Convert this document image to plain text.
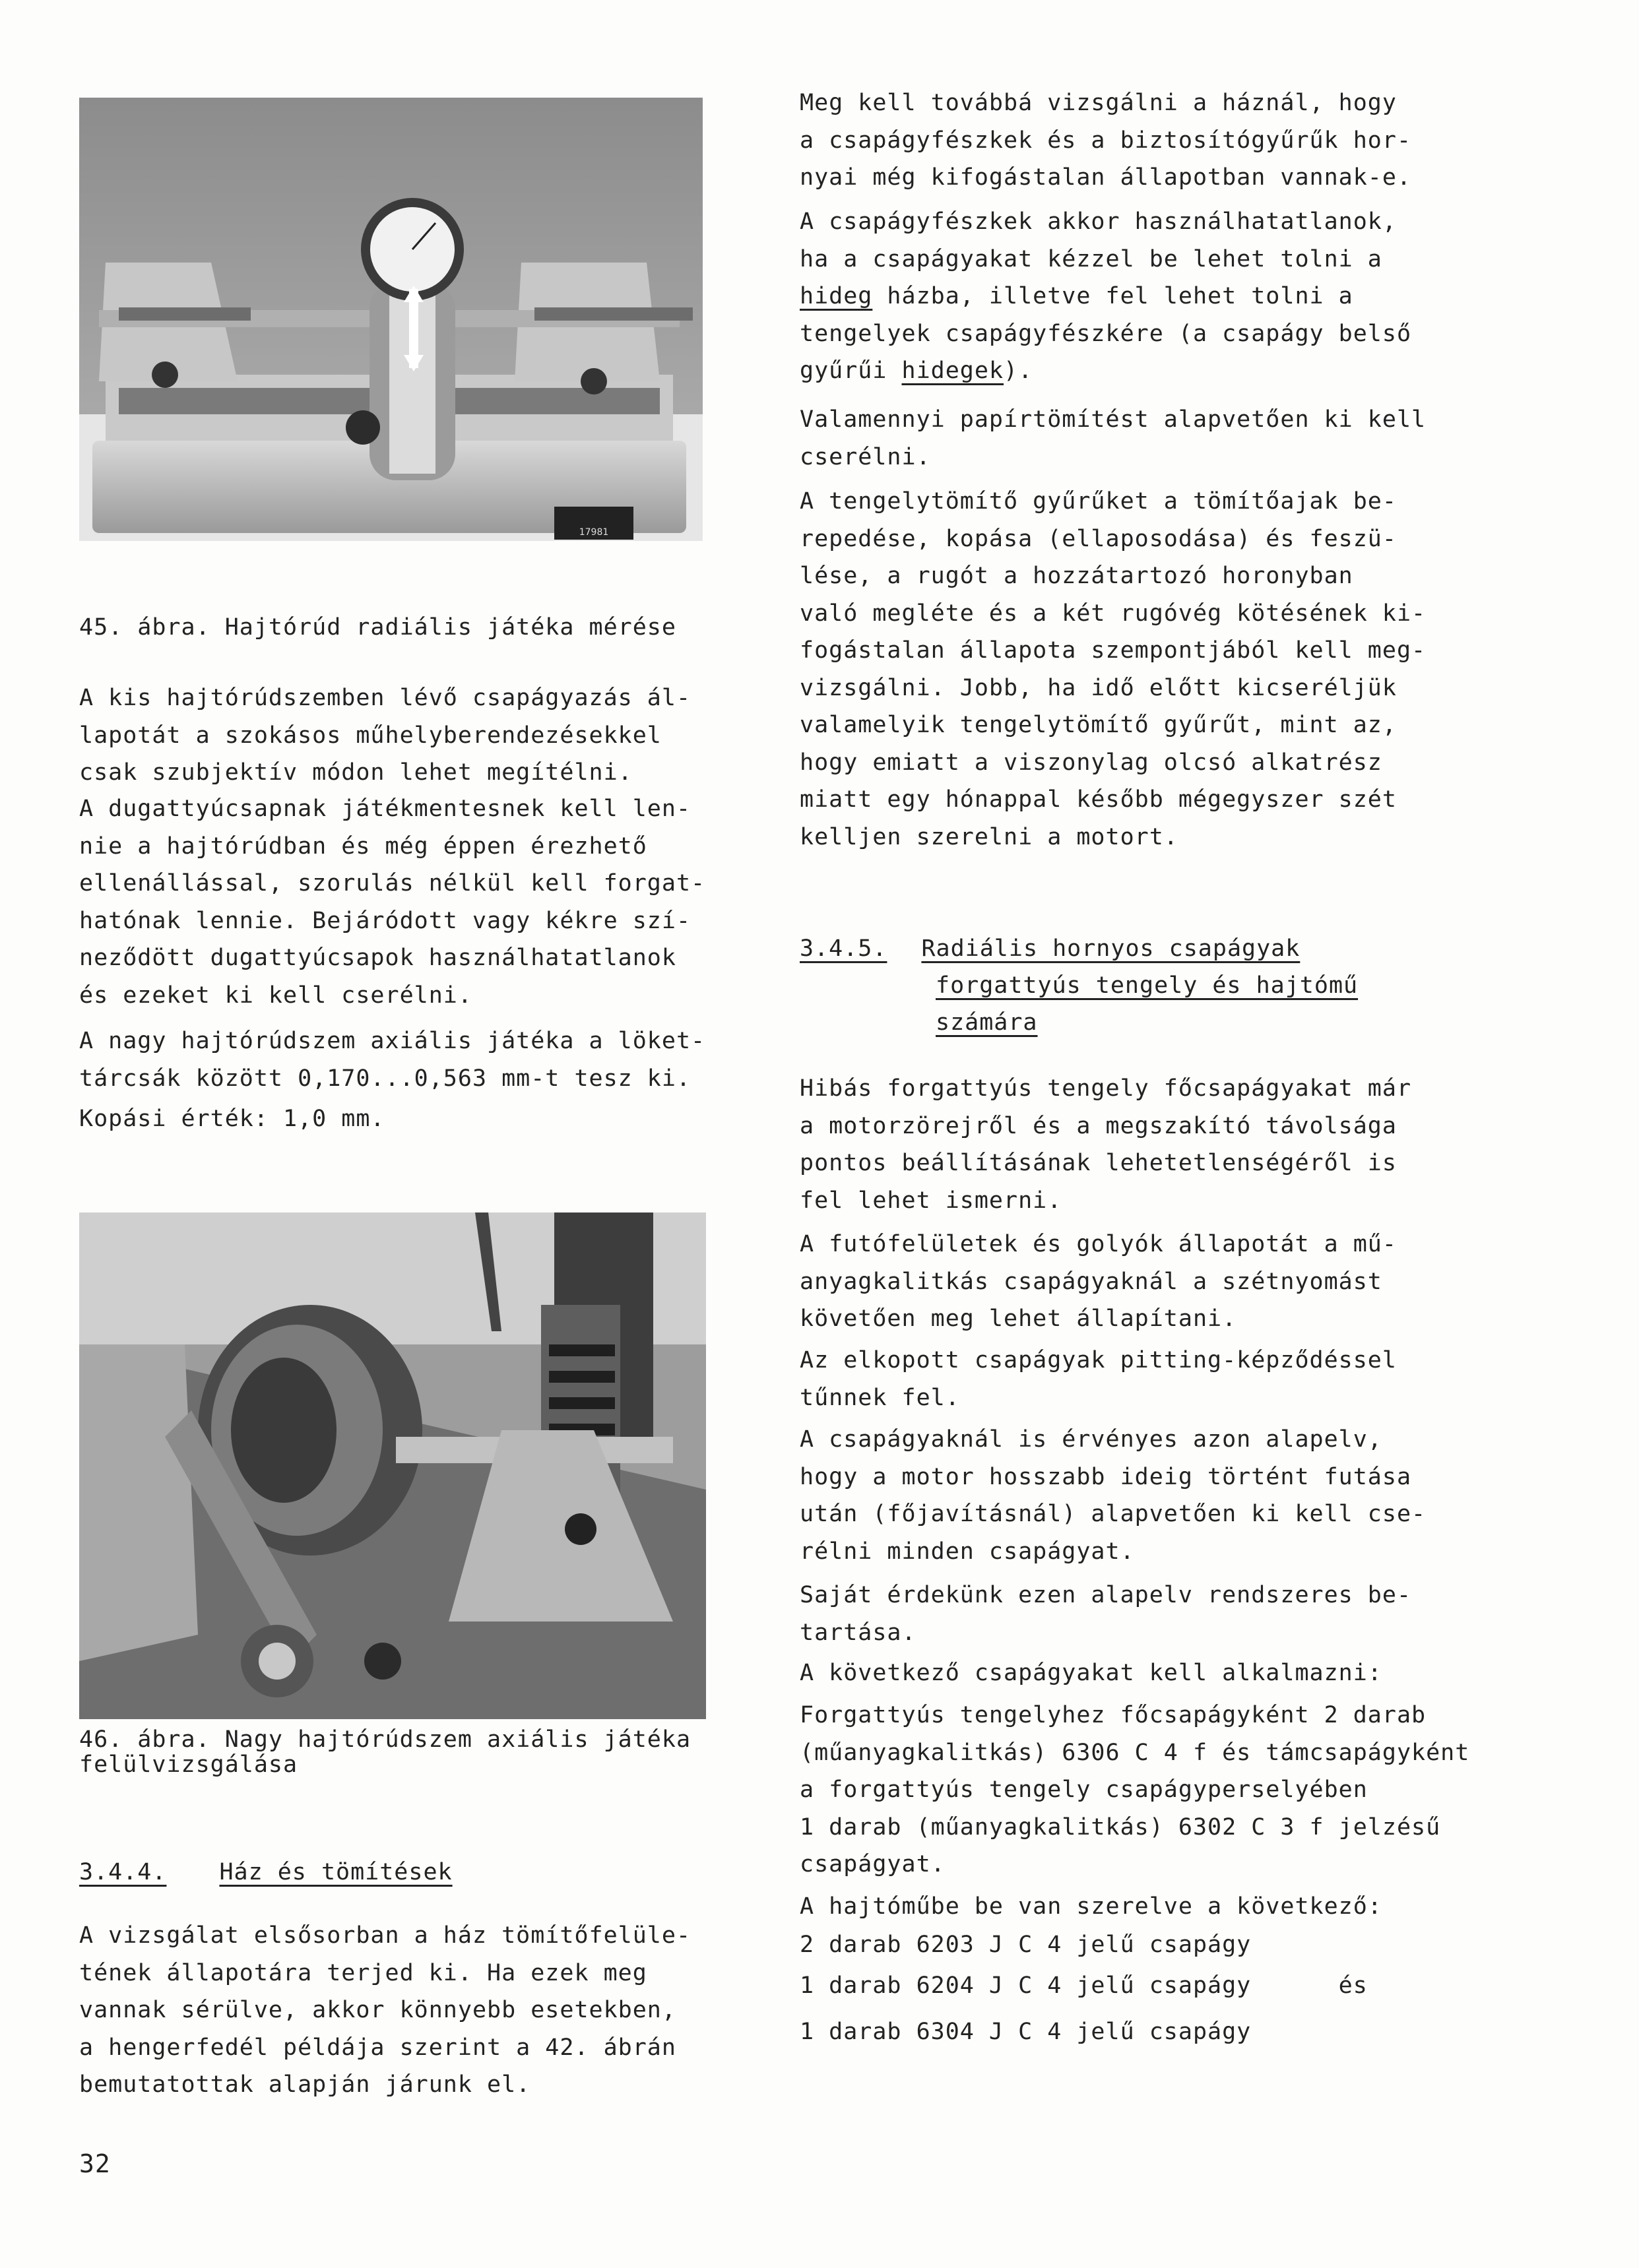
17981
45. ábra. Hajtórúd radiális játéka mérése

A kis hajtórúdszemben lévő csapágyazás ál-
lapotát a szokásos műhelyberendezésekkel
csak szubjektív módon lehet megítélni.

A dugattyúcsapnak játékmentesnek kell len-
nie a hajtórúdban és még éppen érezhető
ellenállással, szorulás nélkül kell forgat-
hatónak lennie. Bejáródott vagy kékre szí-
neződött dugattyúcsapok használhatatlanok
és ezeket ki kell cserélni.

A nagy hajtórúdszem axiális játéka a löket-
tárcsák között 0,170...0,563 mm-t tesz ki.

Kopási érték: 1,0 mm.

46. ábra. Nagy hajtórúdszem axiális játéka
felülvizsgálása
3.4.4. Ház és tömítések

A vizsgálat elsősorban a ház tömítőfelüle-
tének állapotára terjed ki. Ha ezek meg
vannak sérülve, akkor könnyebb esetekben,
a hengerfedél példája szerint a 42. ábrán
bemutatottak alapján járunk el.

Meg kell továbbá vizsgálni a háznál, hogy
a csapágyfészkek és a biztosítógyűrűk hor-
nyai még kifogástalan állapotban vannak-e.

A csapágyfészkek akkor használhatatlanok,
ha a csapágyakat kézzel be lehet tolni a
hideg házba, illetve fel lehet tolni a
tengelyek csapágyfészkére (a csapágy belső
gyűrűi hidegek).

Valamennyi papírtömítést alapvetően ki kell
cserélni.

A tengelytömítő gyűrűket a tömítőajak be-
repedése, kopása (ellaposodása) és feszü-
lése, a rugót a hozzátartozó horonyban
való megléte és a két rugóvég kötésének ki-
fogástalan állapota szempontjából kell meg-
vizsgálni. Jobb, ha idő előtt kicseréljük
valamelyik tengelytömítő gyűrűt, mint az,
hogy emiatt a viszonylag olcsó alkatrész
miatt egy hónappal később mégegyszer szét
kelljen szerelni a motort.

3.4.5. Radiális hornyos csapágyak
forgattyús tengely és hajtómű
számára

Hibás forgattyús tengely főcsapágyakat már
a motorzörejről és a megszakító távolsága
pontos beállításának lehetetlenségéről is
fel lehet ismerni.

A futófelületek és golyók állapotát a mű-
anyagkalitkás csapágyaknál a szétnyomást
követően meg lehet állapítani.

Az elkopott csapágyak pitting-képződéssel
tűnnek fel.

A csapágyaknál is érvényes azon alapelv,
hogy a motor hosszabb ideig történt futása
után (főjavításnál) alapvetően ki kell cse-
rélni minden csapágyat.

Saját érdekünk ezen alapelv rendszeres be-
tartása.

A következő csapágyakat kell alkalmazni:

Forgattyús tengelyhez főcsapágyként 2 darab
(műanyagkalitkás) 6306 C 4 f és támcsapágyként
a forgattyús tengely csapágyperselyében
1 darab (műanyagkalitkás) 6302 C 3 f jelzésű
csapágyat.

A hajtóműbe be van szerelve a következő:

2 darab 6203 J C 4 jelű csapágy

1 darab 6204 J C 4 jelű csapágy      és

1 darab 6304 J C 4 jelű csapágy

32
